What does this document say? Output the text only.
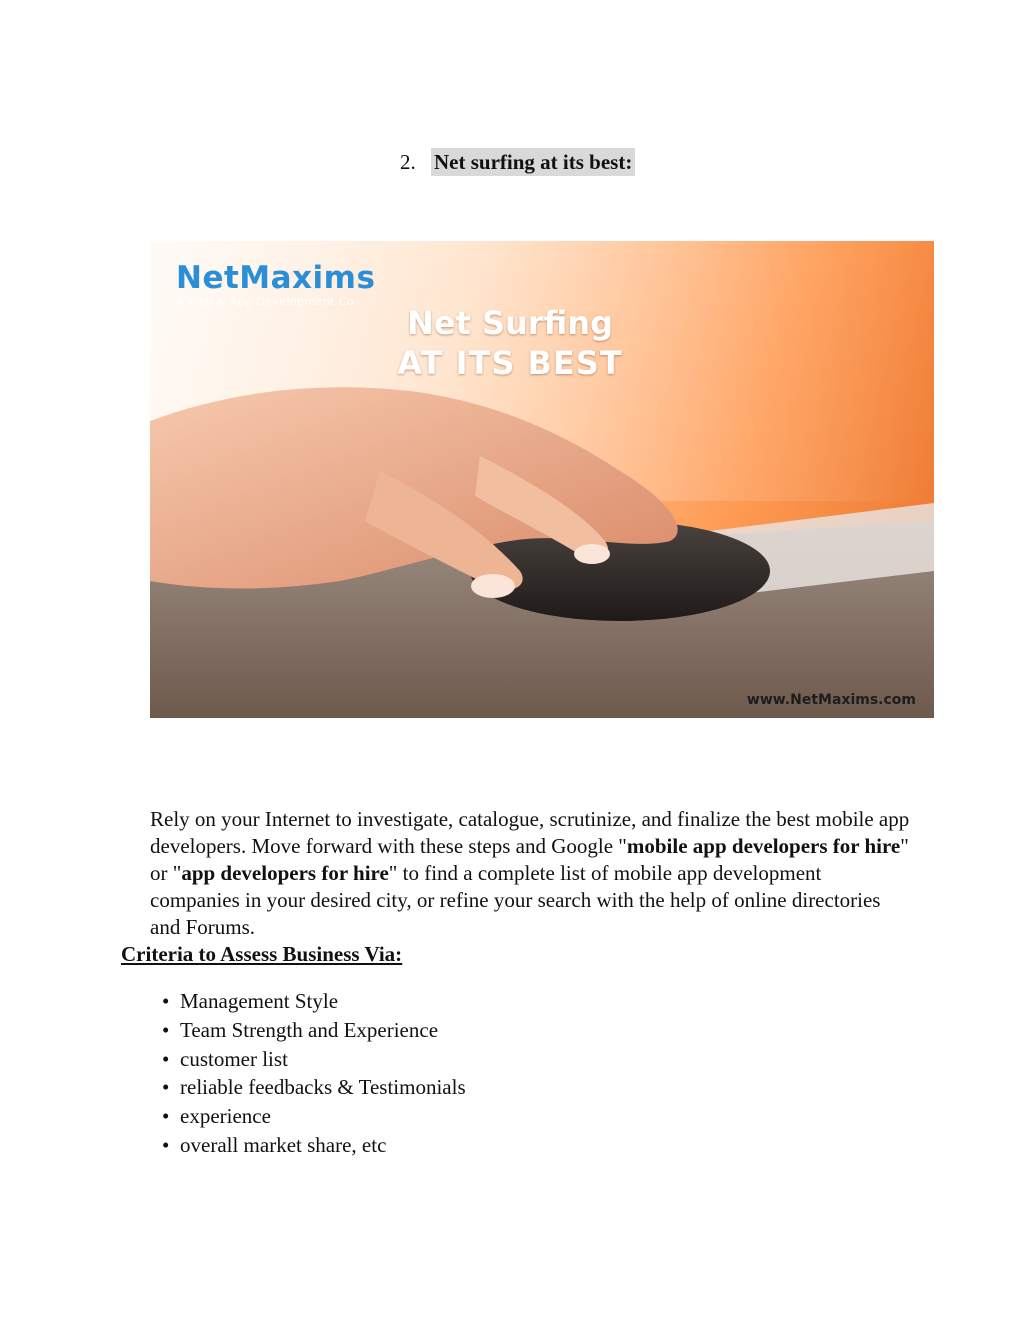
2. Net surfing at its best:
NetMaxims
A Web & App Development Co.
Net Surfing
AT ITS BEST
www.NetMaxims.com

Rely on your Internet to investigate, catalogue, scrutinize, and finalize the best mobile app developers. Move forward with these steps and Google "mobile app developers for hire" or "app developers for hire" to find a complete list of mobile app development companies in your desired city, or refine your search with the help of online directories and Forums.

Criteria to Assess Business Via:
• Management Style
• Team Strength and Experience
• customer list
• reliable feedbacks & Testimonials
• experience
• overall market share, etc
